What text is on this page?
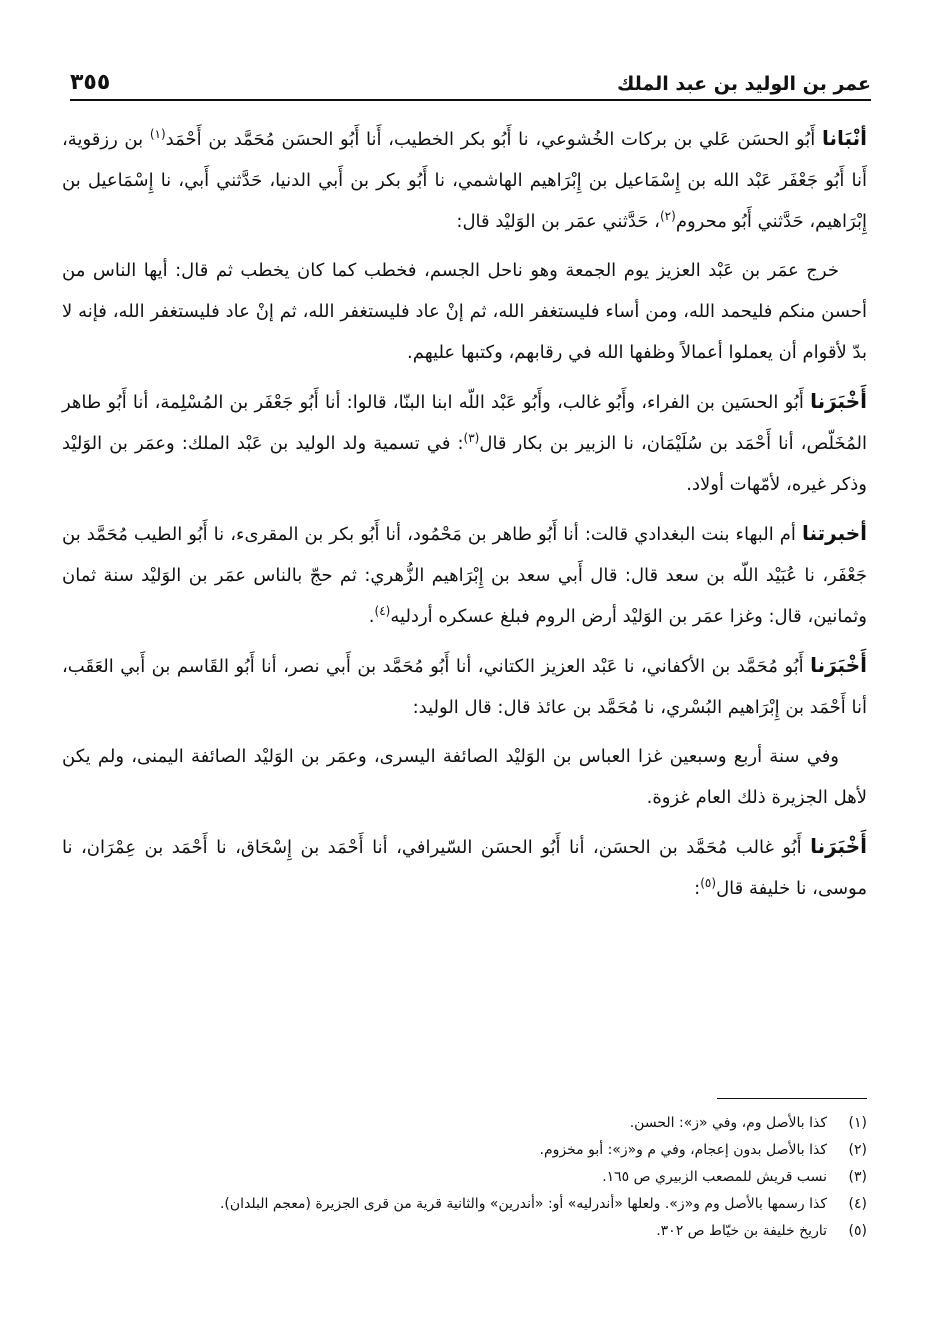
عمر بن الوليد بن عبد الملك
٣٥٥

أنْبَانا أَبُو الحسَن عَلي بن بركات الخُشوعي، نا أَبُو بكر الخطيب، أَنا أَبُو الحسَن مُحَمَّد بن أَحْمَد$^{(١)}$ بن رزقوية، أَنا أَبُو جَعْفَر عَبْد الله بن إِسْمَاعيل بن إِبْرَاهيم الهاشمي، نا أَبُو بكر بن أَبي الدنيا، حَدَّثني أَبي، نا إِسْمَاعيل بن إِبْرَاهيم، حَدَّثني أَبُو محروم$^{(٢)}$، حَدَّثني عمَر بن الوَليْد قال:

خرج عمَر بن عَبْد العزيز يوم الجمعة وهو ناحل الجسم، فخطب كما كان يخطب ثم قال: أيها الناس من أحسن منكم فليحمد الله، ومن أساء فليستغفر الله، ثم إنْ عاد فليستغفر الله، ثم إنْ عاد فليستغفر الله، فإنه لا بدّ لأقوام أن يعملوا أعمالاً وظفها الله في رقابهم، وكتبها عليهم.

أَخْبَرَنا أَبُو الحسَين بن الفراء، وأَبُو غالب، وأَبُو عَبْد اللّه ابنا البنّا، قالوا: أنا أَبُو جَعْفَر بن المُسْلِمة، أنا أَبُو طاهر المُخَلّص، أنا أَحْمَد بن سُلَيْمَان، نا الزبير بن بكار قال$^{(٣)}$: في تسمية ولد الوليد بن عَبْد الملك: وعمَر بن الوَليْد وذكر غيره، لأمّهات أولاد.

أخبرتنا أم البهاء بنت البغدادي قالت: أنا أَبُو طاهر بن مَحْمُود، أنا أَبُو بكر بن المقرىء، نا أَبُو الطيب مُحَمَّد بن جَعْفَر، نا عُبَيْد اللّه بن سعد قال: قال أَبي سعد بن إِبْرَاهيم الزُّهري: ثم حجّ بالناس عمَر بن الوَليْد سنة ثمان وثمانين، قال: وغزا عمَر بن الوَليْد أرض الروم فبلغ عسكره أردليه$^{(٤)}$.

أَخْبَرَنا أَبُو مُحَمَّد بن الأكفاني، نا عَبْد العزيز الكتاني، أنا أَبُو مُحَمَّد بن أَبي نصر، أنا أَبُو القَاسم بن أَبي العَقَب، أنا أَحْمَد بن إِبْرَاهيم البُسْري، نا مُحَمَّد بن عائذ قال: قال الوليد:

وفي سنة أربع وسبعين غزا العباس بن الوَليْد الصائفة اليسرى، وعمَر بن الوَليْد الصائفة اليمنى، ولم يكن لأهل الجزيرة ذلك العام غزوة.

أَخْبَرَنا أَبُو غالب مُحَمَّد بن الحسَن، أنا أَبُو الحسَن السّيرافي، أنا أَحْمَد بن إِسْحَاق، نا أَحْمَد بن عِمْرَان، نا موسى، نا خليفة قال$^{(٥)}$:

(١)
كذا بالأصل وم، وفي «ز»: الحسن.
(٢)
كذا بالأصل بدون إعجام، وفي م و«ز»: أبو مخزوم.
(٣)
نسب قريش للمصعب الزبيري ص ١٦٥.
(٤)
كذا رسمها بالأصل وم و«ز». ولعلها «أندرليه» أو: «أندرين» والثانية قرية من قرى الجزيرة (معجم البلدان).
(٥)
تاريخ خليفة بن خيّاط ص ٣٠٢.
